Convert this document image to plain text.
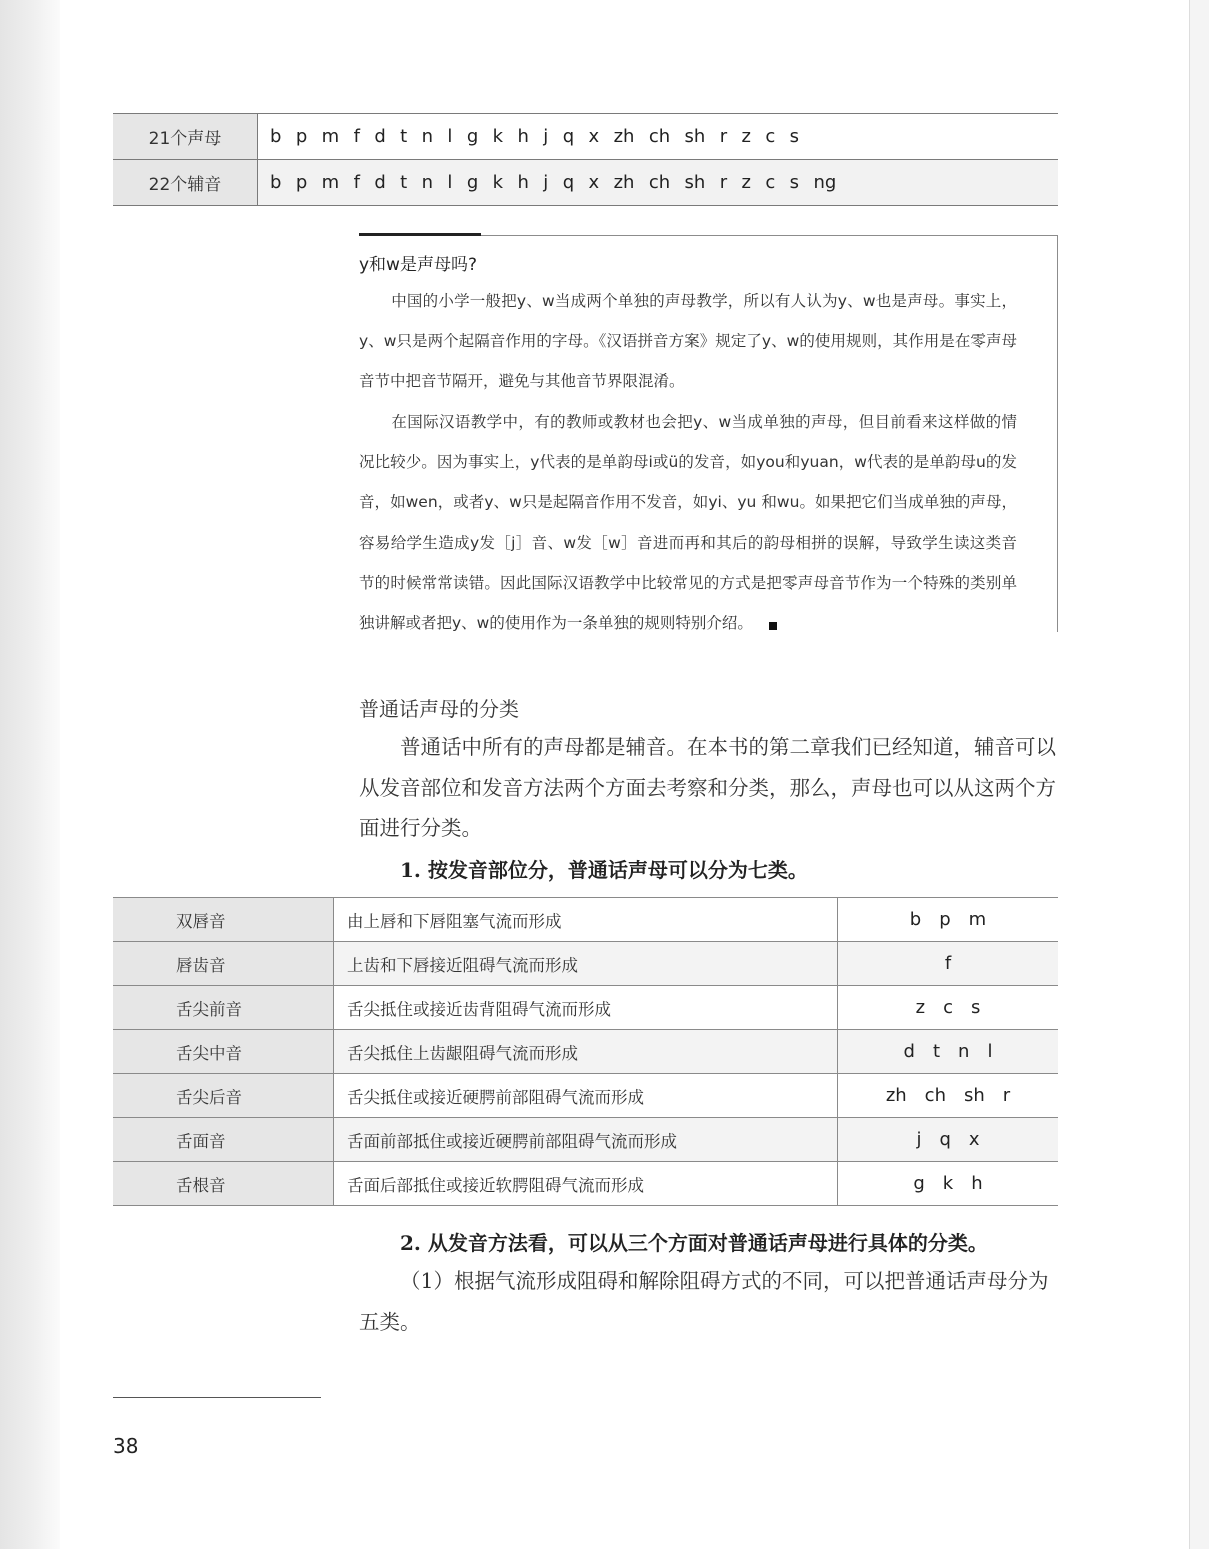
21个声母	b p m f d t n l g k h j q x zh ch sh r z c s
22个辅音	b p m f d t n l g k h j q x zh ch sh r z c s ng
y和w是声母吗?

中国的小学一般把y、w当成两个单独的声母教学，所以有人认为y、w也是声母。事实上，y、w只是两个起隔音作用的字母。《汉语拼音方案》规定了y、w的使用规则，其作用是在零声母音节中把音节隔开，避免与其他音节界限混淆。

在国际汉语教学中，有的教师或教材也会把y、w当成单独的声母，但目前看来这样做的情况比较少。因为事实上，y代表的是单韵母i或ü的发音，如you和yuan，w代表的是单韵母u的发音，如wen，或者y、w只是起隔音作用不发音，如yi、yu 和wu。如果把它们当成单独的声母，容易给学生造成y发［j］音、w发［w］音进而再和其后的韵母相拼的误解，导致学生读这类音节的时候常常读错。因此国际汉语教学中比较常见的方式是把零声母音节作为一个特殊的类别单独讲解或者把y、w的使用作为一条单独的规则特别介绍。

普通话声母的分类

普通话中所有的声母都是辅音。在本书的第二章我们已经知道，辅音可以从发音部位和发音方法两个方面去考察和分类，那么，声母也可以从这两个方面进行分类。

1. 按发音部位分，普通话声母可以分为七类。
双唇音	由上唇和下唇阻塞气流而形成	b p m

唇齿音	上齿和下唇接近阻碍气流而形成	f

舌尖前音	舌尖抵住或接近齿背阻碍气流而形成	z c s

舌尖中音	舌尖抵住上齿龈阻碍气流而形成	d t n l

舌尖后音	舌尖抵住或接近硬腭前部阻碍气流而形成	zh ch sh r

舌面音	舌面前部抵住或接近硬腭前部阻碍气流而形成	j q x

舌根音	舌面后部抵住或接近软腭阻碍气流而形成	g k h
2. 从发音方法看，可以从三个方面对普通话声母进行具体的分类。

（1）根据气流形成阻碍和解除阻碍方式的不同，可以把普通话声母分为五类。

38
